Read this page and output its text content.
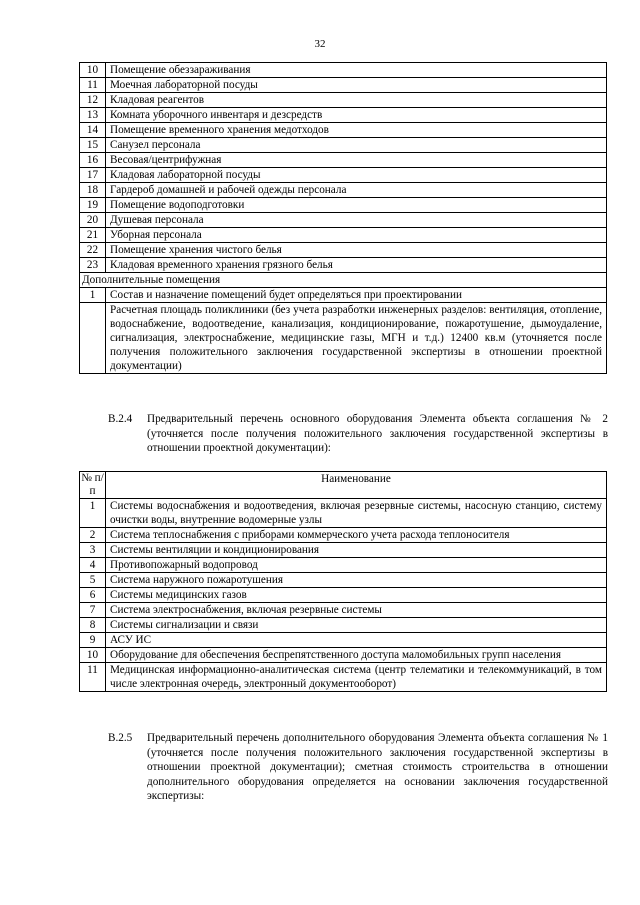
32
10	Помещение обеззараживания
11	Моечная лабораторной посуды
12	Кладовая реагентов
13	Комната уборочного инвентаря и дезсредств
14	Помещение временного хранения медотходов
15	Санузел персонала
16	Весовая/центрифужная
17	Кладовая лабораторной посуды
18	Гардероб домашней и рабочей одежды персонала
19	Помещение водоподготовки
20	Душевая персонала
21	Уборная персонала
22	Помещение хранения чистого белья
23	Кладовая временного хранения грязного белья
Дополнительные помещения	
1	Состав и назначение помещений будет определяться при проектировании
	Расчетная площадь поликлиники (без учета разработки инженерных разделов: вентиляция, отопление, водоснабжение, водоотведение, канализация, кондиционирование, пожаротушение, дымоудаление, сигнализация, электроснабжение, медицинские газы, МГН и т.д.) 12400 кв.м (уточняется после получения положительного заключения государственной экспертизы в отношении проектной документации)
В.2.4 Предварительный перечень основного оборудования Элемента объекта соглашения № 2 (уточняется после получения положительного заключения государственной экспертизы в отношении проектной документации):
№ п/п	Наименование
1	Системы водоснабжения и водоотведения, включая резервные системы, насосную станцию, систему очистки воды, внутренние водомерные узлы
2	Система теплоснабжения с приборами коммерческого учета расхода теплоносителя
3	Системы вентиляции и кондиционирования
4	Противопожарный водопровод
5	Система наружного пожаротушения
6	Системы медицинских газов
7	Система электроснабжения, включая резервные системы
8	Системы сигнализации и связи
9	АСУ ИС
10	Оборудование для обеспечения беспрепятственного доступа маломобильных групп населения
11	Медицинская информационно-аналитическая система (центр телематики и телекоммуникаций, в том числе электронная очередь, электронный документооборот)
В.2.5 Предварительный перечень дополнительного оборудования Элемента объекта соглашения № 1 (уточняется после получения положительного заключения государственной экспертизы в отношении проектной документации); сметная стоимость строительства в отношении дополнительного оборудования определяется на основании заключения государственной экспертизы:
